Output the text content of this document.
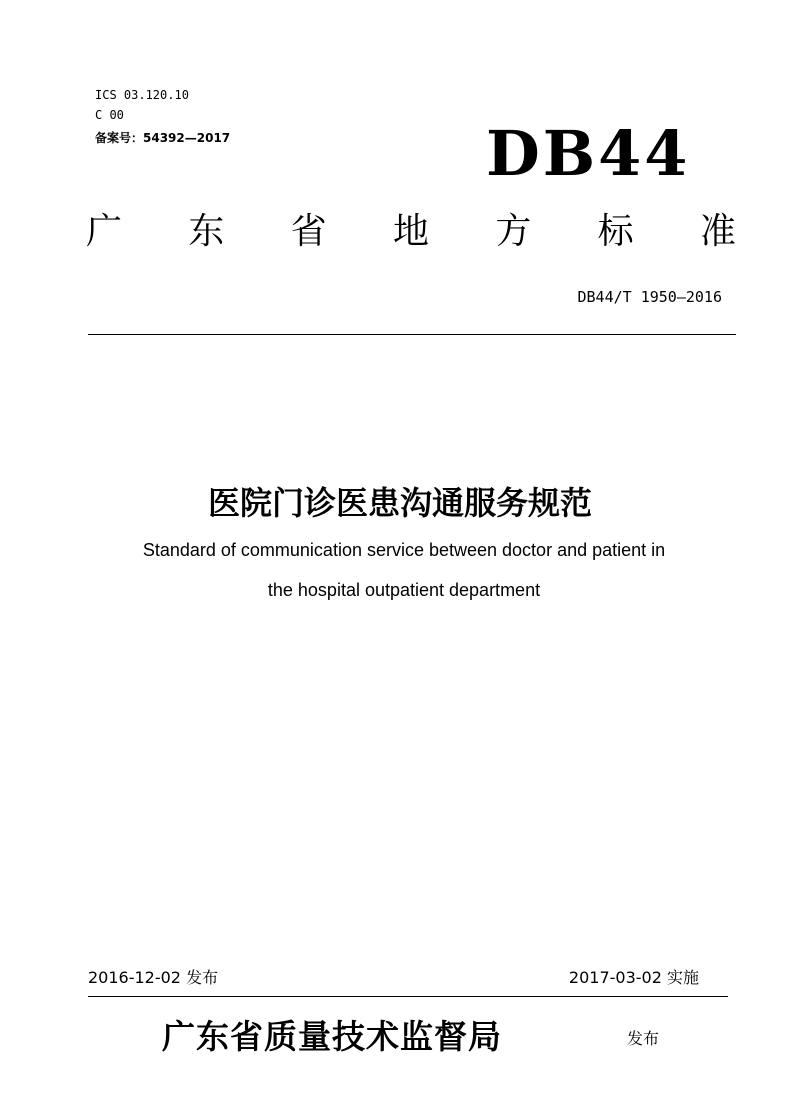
ICS 03.120.10
C 00
备案号：54392—2017	DB44
广 东 省 地 方 标 准
DB44/T 1950—2016
医院门诊医患沟通服务规范
Standard of communication service between doctor and patient in
the hospital outpatient department
2016-12-02 发布	2017-03-02 实施
广东省质量技术监督局	发布
